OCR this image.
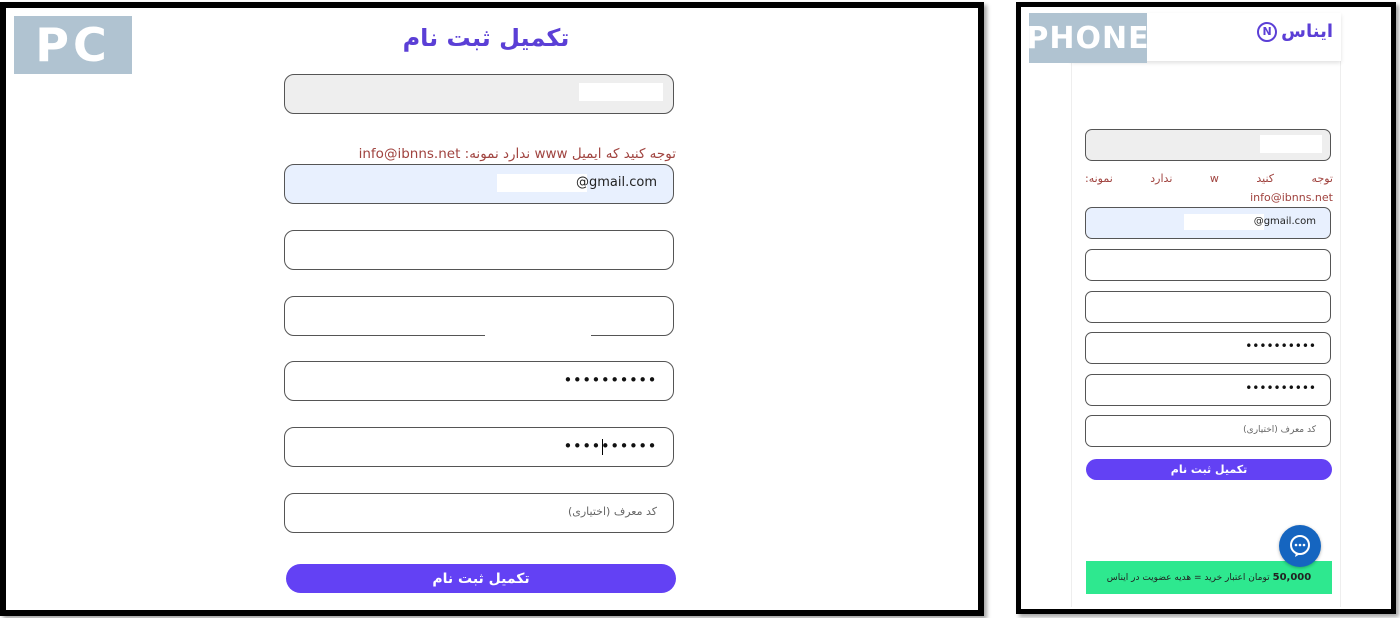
PC	تکمیل ثبت نام
توجه کنید که ایمیل www ندارد نمونه: info@ibnns.net
@gmail.com
••••••••••
••••••••••
کد معرف (اختیاری)
تکمیل ثبت نام
ایناس
N
PHONE
توجه
کنید
w
ندارد
نمونه:
info@ibnns.net
@gmail.com
••••••••••
••••••••••
کد معرف (اختیاری)
تکمیل ثبت نام
50,000
تومان اعتبار خرید = هدیه عضویت در ایناس
